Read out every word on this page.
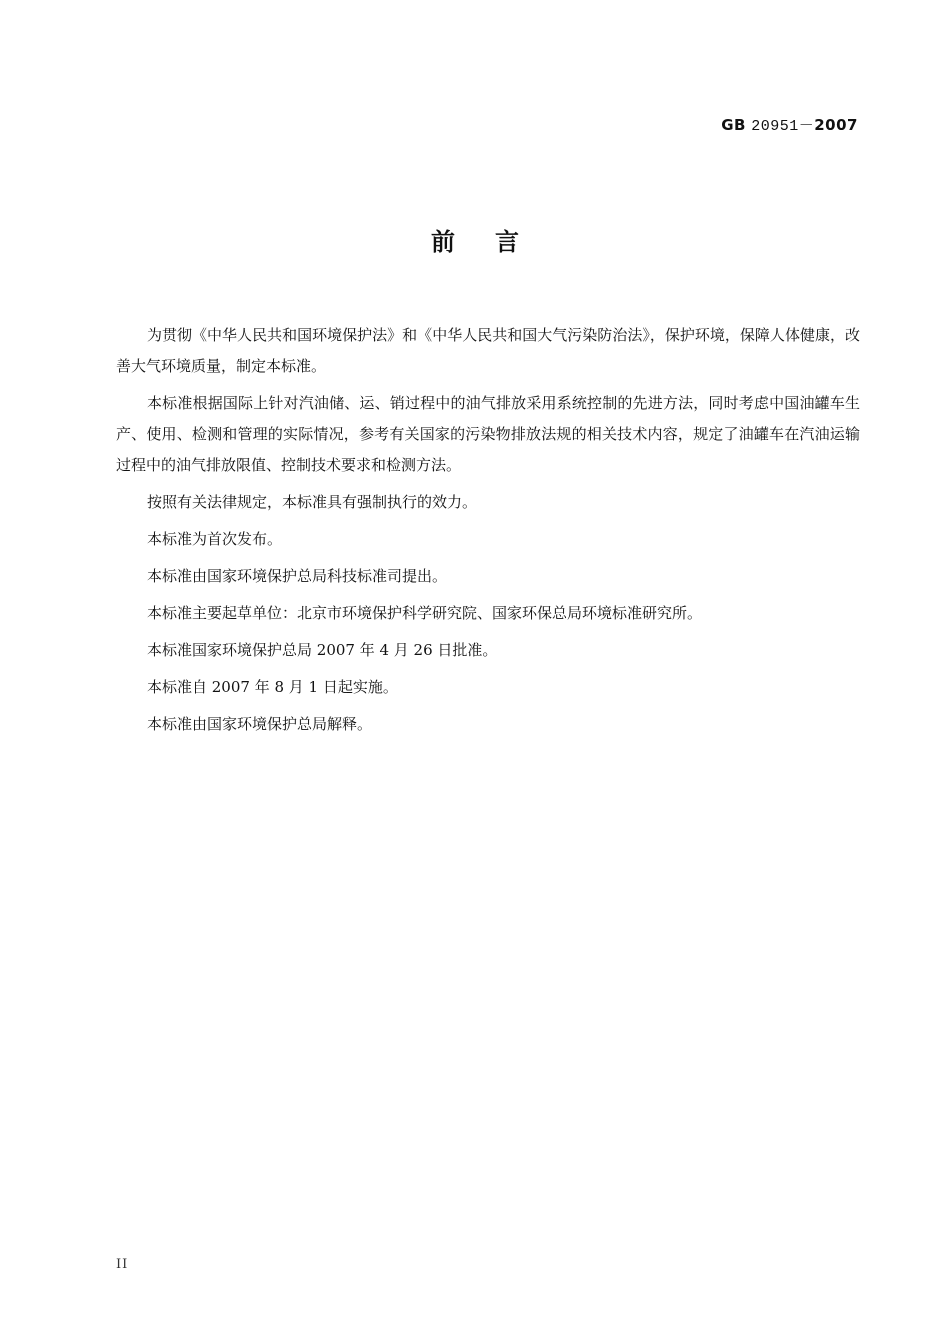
GB 20951－2007
前言

为贯彻《中华人民共和国环境保护法》和《中华人民共和国大气污染防治法》，保护环境，保障人体健康，改善大气环境质量，制定本标准。

本标准根据国际上针对汽油储、运、销过程中的油气排放采用系统控制的先进方法，同时考虑中国油罐车生产、使用、检测和管理的实际情况，参考有关国家的污染物排放法规的相关技术内容，规定了油罐车在汽油运输过程中的油气排放限值、控制技术要求和检测方法。

按照有关法律规定，本标准具有强制执行的效力。

本标准为首次发布。

本标准由国家环境保护总局科技标准司提出。

本标准主要起草单位：北京市环境保护科学研究院、国家环保总局环境标准研究所。

本标准国家环境保护总局 2007 年 4 月 26 日批准。

本标准自 2007 年 8 月 1 日起实施。

本标准由国家环境保护总局解释。

II
